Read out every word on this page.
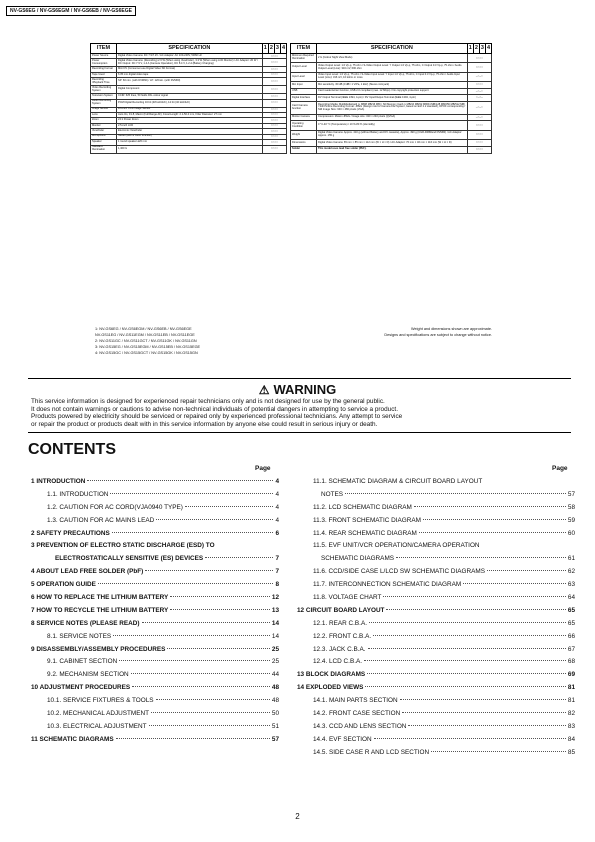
NV-GS6EG / NV-GS6EGM / NV-GS6EB / NV-GS6EGE
ITEM	SPECIFICATION	1	2	3	4
Power Source	Digital Video Camera: DC 7.9/7.2V / AC Adaptor: AC 100-240V, 50/60 Hz	○○○○			
Power Consumption	Digital Video Camera: (Recording) 2.6 W (When using Viewfinder), 3.3 W (When using LCD Monitor) / AC Adaptor: 20 W / DC Output: DC 7.9 V, 1.4 A (Camera Operation), DC 8.4 V, 1.2 A (Battery Charging)	○○○○			
Recording Format	Mini DV (Consumer-use Digital Video SD Format)	○○○○			
Tape Used	6.35 mm digital video tape	○○○○			
Recording /Playback Time	SP: 60 min. (with DVM60) / LP: 120min. (with DVM60)	○○○○			
Video Recording System	Digital Component	○○○○			
Television System	CCIR: 625 lines, 50 fields PAL colour signal	○○○○			
Audio Recording System	PCM Digital Recording 16 bit (48 kHz/2ch), 12 bit (32 kHz/4ch)	○○○○			
Image Sensor	1/6-inch CCD Image Sensor	○○○○			
Lens	Auto Iris, F1.8, Macro (Full Range AF), Focal Length: 2.1-50.4 mm, Filter Diameter: 27 mm	○○○○			
Zoom	24:1 Power Zoom	○○○○			
Monitor	2.5-inch LCD	○○○○			
Viewfinder	Electronic Viewfinder	○○○○			
Microphone	Stereo (with a zoom function)	○○○○			
Speaker	1 round speaker ø20 mm	○○○○			
Standard Illumination	1,400 lx	○○○○			
ITEM	SPECIFICATION	1	2	3	4
Minimum Required Illumination	2 lx (Colour Night View Mode)	○○○○			
Output Level	Video Output Level: 1.0 Vp-p, 75 ohm / S-Video Output Level: Y Output 1.0 Vp-p, 75 ohm, C Output 0.3 Vp-p, 75 ohm / Audio Output Level (Line): 316 mV, 600 ohm	○○○○			
Input Level	Video Input Level: 1.0 Vp-p, 75 ohm / S-Video Input Level: Y Input 1.0 Vp-p, 75 ohm, C Input 0.3 Vp-p, 75 ohm / Audio Input Level (Line): 316 mV, 10 kohm or more	–○–○			
Mic Input	Mic sensitivity -50 dB (0 dB= 1 V/Pa, 1 kHz) (Stereo mini jack)	○○○○			
USB	Card reader/writer function, USB 2.0 compliant (max. 12 Mbps) / No copyright protection support	–○–○			
Digital Interface	DV Output Terminal (IEEE 1394, 4-pin) / DV Input/Output Terminal (IEEE 1394, 4-pin)	○–○–			
Card Camera function	Recording Media: MultiMediaCard (≤ MB/8 MB/16 MB) / SD Memory Card (≤ MB/16 MB/32 MB/64 MB/128 MB/256 MB/512 MB) / Still Picture Recording Format: JPEG (Design rule for Camera File System, based on Exif 2.2 standard), DPOF corresponding / Still Image Size: 640 × 480 pixels (VGA)	–○–○			
Motion Camera	Compression: Motion JPEG / Image size: 320 × 240 pixels (QVGA)	–○–○			
Operating Condition	0 °C-40 °C (Temperature) / 10 %-80 % (Humidity)	○○○○			
Weight	Digital Video Camera: Approx. 410 g (without Battery and DV cassette), Approx. 490 g (CGR-D08Rand DVM60) / AC Adaptor: Approx. 155 g	○○○○			
Dimensions	Digital Video Camera: 65 mm × 85 mm × 112 mm (W × H × D) / AC Adaptor: 70 mm × 46 mm × 116 mm (W × H × D)	○○○○			
Solder	This model uses lead free solder (PbF).	○○○○			
1: NV-GS6EG / NV-GS6EGM / NV-GS6EB / NV-GS6EGE
NV-GS11EG / NV-GS11EGM / NV-GS11EB / NV-GS11EGE
2: NV-GS11GC / NV-GS11GCT / NV-GS11GK / NV-GS11GN
3: NV-GS15EG / NV-GS15EGM / NV-GS15EB / NV-GS15EGE
4: NV-GS15GC / NV-GS15GCT / NV-GS15GK / NV-GS15GN
Weight and dimensions shown are approximate.
Designs and specifications are subject to change without notice.
⚠ WARNING

This service information is designed for experienced repair technicians only and is not designed for use by the general public.

It does not contain warnings or cautions to advise non-technical individuals of potential dangers in attempting to service a product.

Products powered by electricity should be serviced or repaired only by experienced professional technicians. Any attempt to service

or repair the product or products dealt with in this service information by anyone else could result in serious injury or death.

CONTENTS
Page	Page
1 INTRODUCTION	4
1.1. INTRODUCTION	4
1.2. CAUTION FOR AC CORD(VJA0940 TYPE)	4
1.3. CAUTION FOR AC MAINS LEAD	4
2 SAFETY PRECAUTIONS	6
3 PREVENTION OF ELECTRO STATIC DISCHARGE (ESD) TO
ELECTROSTATICALLY SENSITIVE (ES) DEVICES	7
4 ABOUT LEAD FREE SOLDER (PbF)	7
5 OPERATION GUIDE	8
6 HOW TO REPLACE THE LITHIUM BATTERY	12
7 HOW TO RECYCLE THE LITHIUM BATTERY	13
8 SERVICE NOTES (PLEASE READ)	14
8.1. SERVICE NOTES	14
9 DISASSEMBLY/ASSEMBLY PROCEDURES	25
9.1. CABINET SECTION	25
9.2. MECHANISM SECTION	44
10 ADJUSTMENT PROCEDURES	48
10.1. SERVICE FIXTURES & TOOLS	48
10.2. MECHANICAL ADJUSTMENT	50
10.3. ELECTRICAL ADJUSTMENT	51
11 SCHEMATIC DIAGRAMS	57
11.1. SCHEMATIC DIAGRAM & CIRCUIT BOARD LAYOUT
NOTES	57
11.2. LCD SCHEMATIC DIAGRAM	58
11.3. FRONT SCHEMATIC DIAGRAM	59
11.4. REAR SCHEMATIC DIAGRAM	60
11.5. EVF UNIT/VCR OPERATION/CAMERA OPERATION
SCHEMATIC DIAGRAMS	61
11.6. CCD/SIDE CASE L/LCD SW SCHEMATIC DIAGRAMS	62
11.7. INTERCONNECTION SCHEMATIC DIAGRAM	63
11.8. VOLTAGE CHART	64
12 CIRCUIT BOARD LAYOUT	65
12.1. REAR C.B.A.	65
12.2. FRONT C.B.A.	66
12.3. JACK C.B.A.	67
12.4. LCD C.B.A.	68
13 BLOCK DIAGRAMS	69
14 EXPLODED VIEWS	81
14.1. MAIN PARTS SECTION	81
14.2. FRONT CASE SECTION	82
14.3. CCD AND LENS SECTION	83
14.4. EVF SECTION	84
14.5. SIDE CASE R AND LCD SECTION	85
2
